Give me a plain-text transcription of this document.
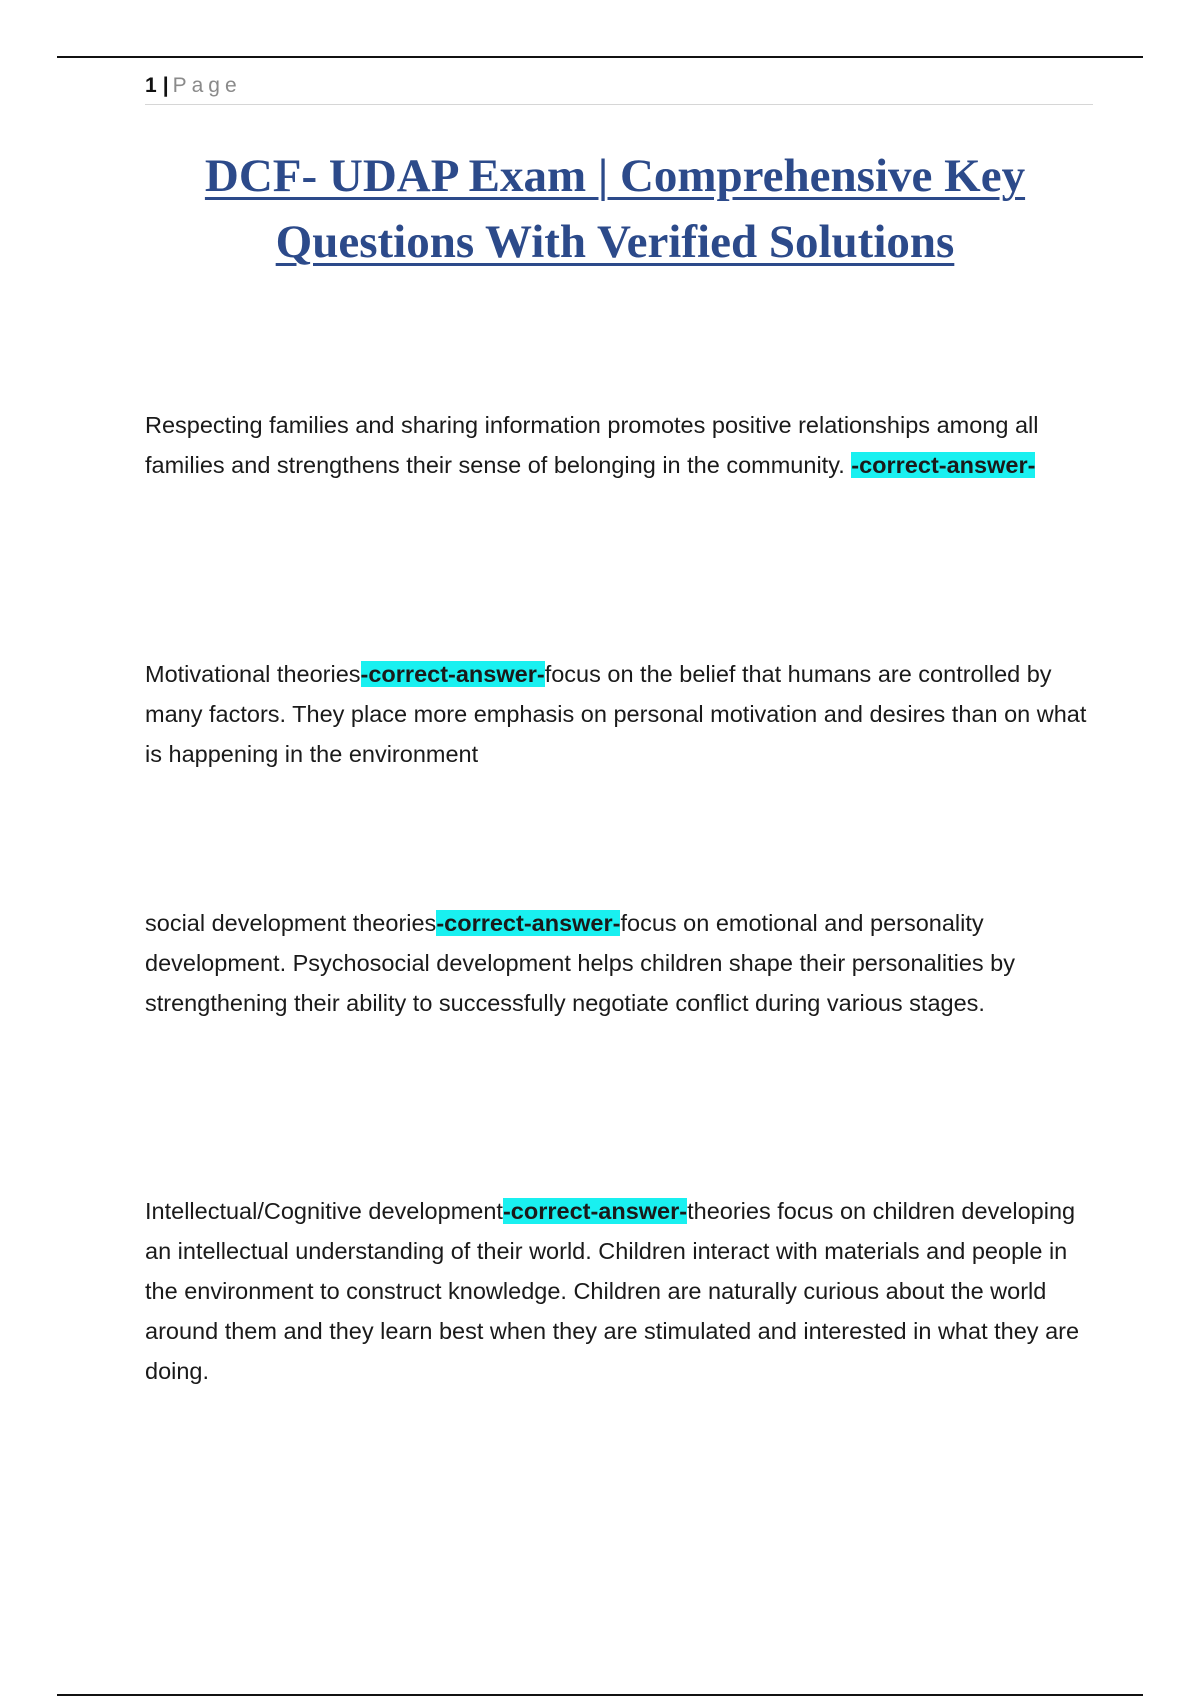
1 | Page
DCF- UDAP Exam | Comprehensive Key Questions With Verified Solutions

Respecting families and sharing information promotes positive relationships among all families and strengthens their sense of belonging in the community. -correct-answer-

Motivational theories-correct-answer-focus on the belief that humans are controlled by many factors. They place more emphasis on personal motivation and desires than on what is happening in the environment

social development theories-correct-answer-focus on emotional and personality development. Psychosocial development helps children shape their personalities by strengthening their ability to successfully negotiate conflict during various stages.

Intellectual/Cognitive development-correct-answer-theories focus on children developing an intellectual understanding of their world. Children interact with materials and people in the environment to construct knowledge. Children are naturally curious about the world around them and they learn best when they are stimulated and interested in what they are doing.
